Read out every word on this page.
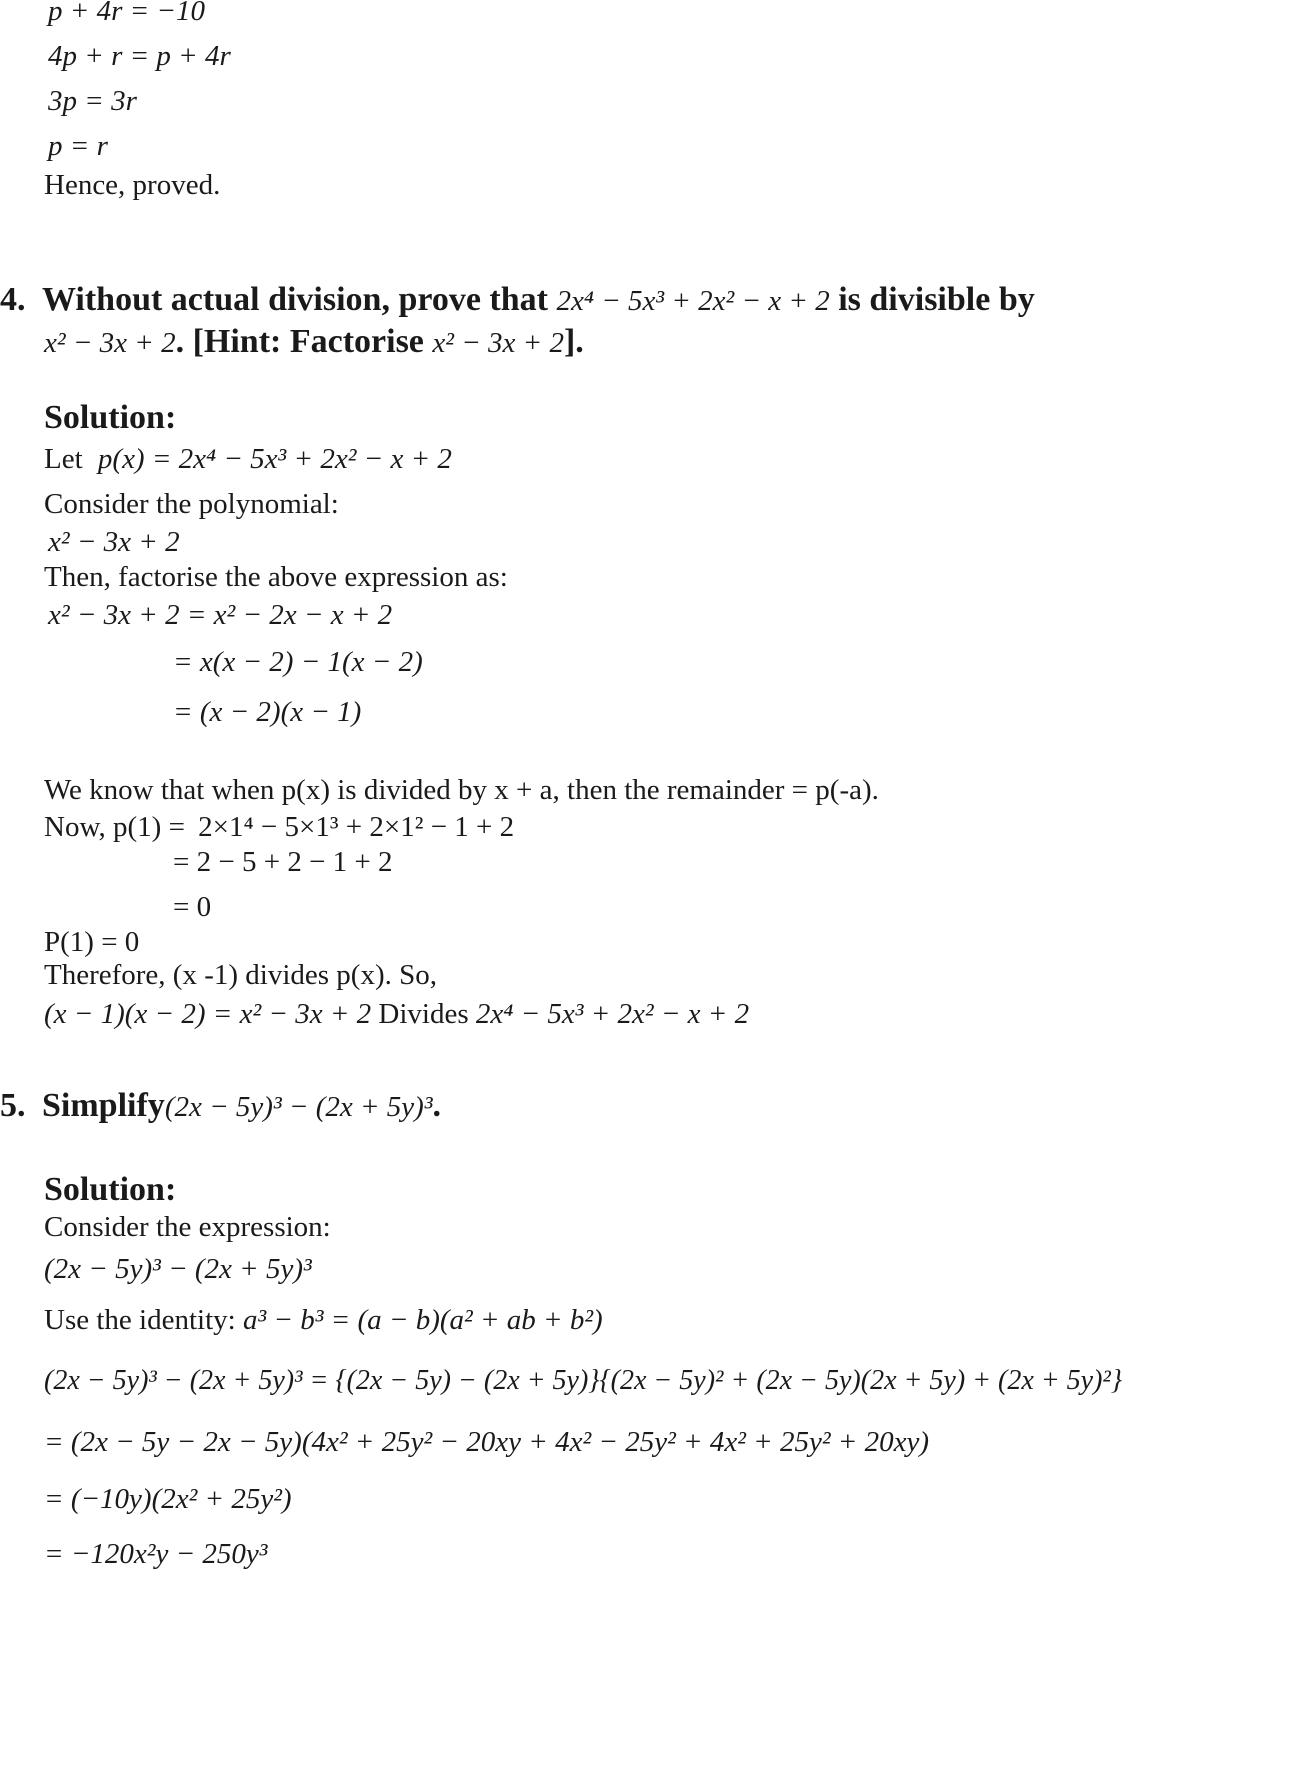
p + 4r = −10
4p + r = p + 4r
3p = 3r
p = r
Hence, proved.
4. Without actual division, prove that 2x⁴ − 5x³ + 2x² − x + 2 is divisible by
x² − 3x + 2. [Hint: Factorise x² − 3x + 2].
Solution:
Let p(x) = 2x⁴ − 5x³ + 2x² − x + 2
Consider the polynomial:
x² − 3x + 2
Then, factorise the above expression as:
x² − 3x + 2 = x² − 2x − x + 2
= x(x − 2) − 1(x − 2)
= (x − 2)(x − 1)
We know that when p(x) is divided by x + a, then the remainder = p(-a).
Now, p(1) = 2×1⁴ − 5×1³ + 2×1² − 1 + 2
= 2 − 5 + 2 − 1 + 2
= 0
P(1) = 0
Therefore, (x -1) divides p(x). So,
(x − 1)(x − 2) = x² − 3x + 2 Divides 2x⁴ − 5x³ + 2x² − x + 2
5. Simplify(2x − 5y)³ − (2x + 5y)³.
Solution:
Consider the expression:
(2x − 5y)³ − (2x + 5y)³
Use the identity: a³ − b³ = (a − b)(a² + ab + b²)
(2x − 5y)³ − (2x + 5y)³ = {(2x − 5y) − (2x + 5y)}{(2x − 5y)² + (2x − 5y)(2x + 5y) + (2x + 5y)²}
= (2x − 5y − 2x − 5y)(4x² + 25y² − 20xy + 4x² − 25y² + 4x² + 25y² + 20xy)
= (−10y)(2x² + 25y²)
= −120x²y − 250y³
